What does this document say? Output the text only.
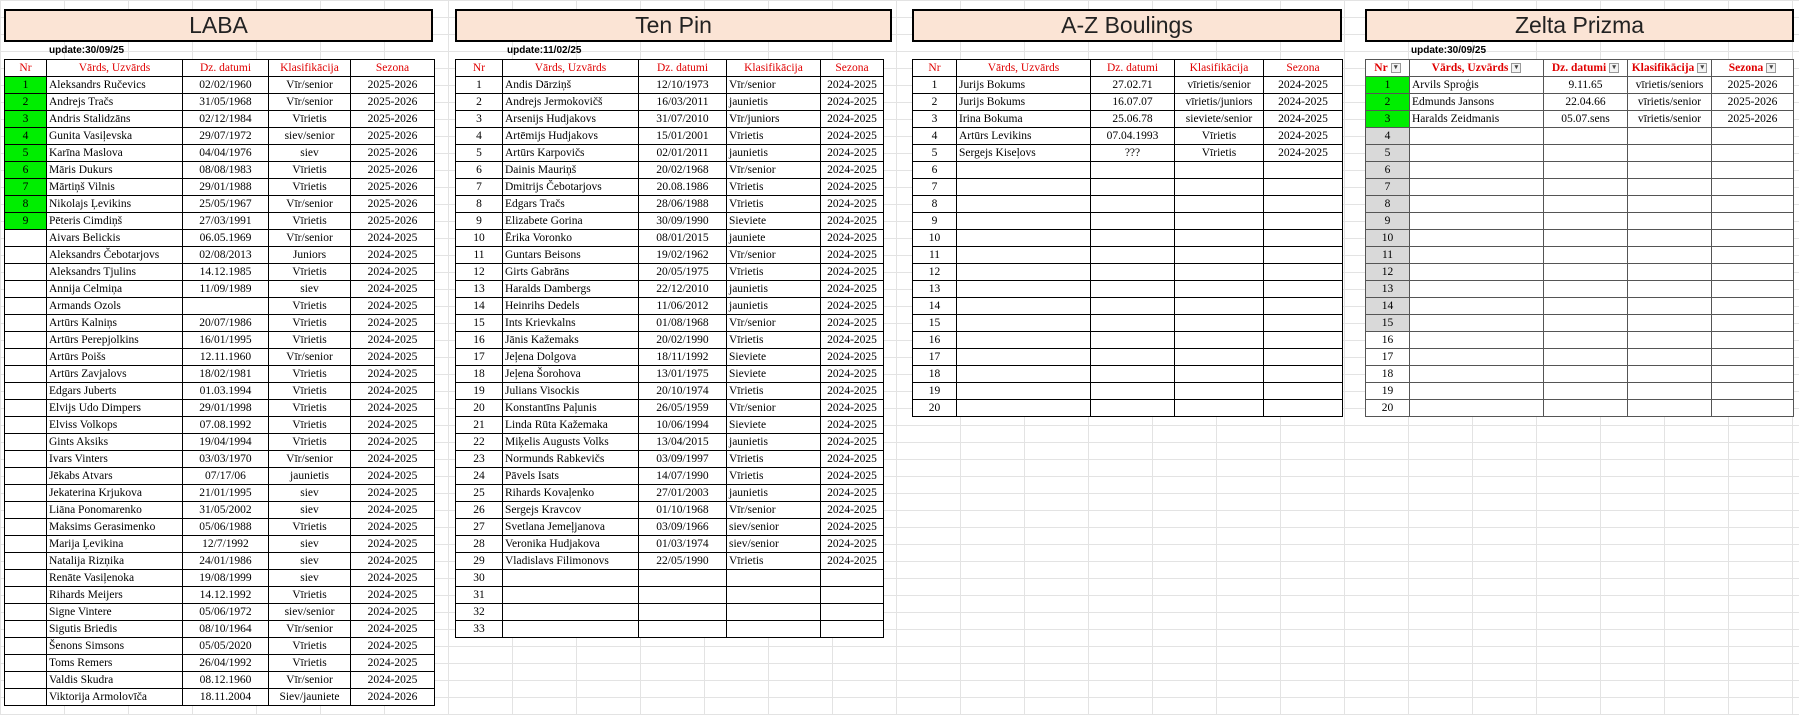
LABA
update:30/09/25
Nr	Vārds, Uzvārds	Dz. datumi	Klasifikācija	Sezona
1	Aleksandrs Ručevics	02/02/1960	Vīr/senior	2025-2026
2	Andrejs Tračs	31/05/1968	Vīr/senior	2025-2026
3	Andris Stalidzāns	02/12/1984	Vīrietis	2025-2026
4	Gunita Vasiļevska	29/07/1972	siev/senior	2025-2026
5	Karīna Maslova	04/04/1976	siev	2025-2026
6	Māris Dukurs	08/08/1983	Vīrietis	2025-2026
7	Mārtiņš Vilnis	29/01/1988	Vīrietis	2025-2026
8	Nikolajs Ļevikins	25/05/1967	Vīr/senior	2025-2026
9	Pēteris Cimdiņš	27/03/1991	Vīrietis	2025-2026
	Aivars Belickis	06.05.1969	Vīr/senior	2024-2025
	Aleksandrs Čebotarjovs	02/08/2013	Juniors	2024-2025
	Aleksandrs Tjulins	14.12.1985	Vīrietis	2024-2025
	Annija Celmiņa	11/09/1989	siev	2024-2025
	Armands Ozols		Vīrietis	2024-2025
	Artūrs Kalniņs	20/07/1986	Vīrietis	2024-2025
	Artūrs Perepjolkins	16/01/1995	Vīrietis	2024-2025
	Artūrs Poišs	12.11.1960	Vīr/senior	2024-2025
	Artūrs Zavjalovs	18/02/1981	Vīrietis	2024-2025
	Edgars Juberts	01.03.1994	Vīrietis	2024-2025
	Elvijs Udo Dimpers	29/01/1998	Vīrietis	2024-2025
	Elviss Volkops	07.08.1992	Vīrietis	2024-2025
	Gints Aksiks	19/04/1994	Vīrietis	2024-2025
	Ivars Vinters	03/03/1970	Vīr/senior	2024-2025
	Jēkabs Atvars	07/17/06	jaunietis	2024-2025
	Jekaterina Krjukova	21/01/1995	siev	2024-2025
	Liāna Ponomarenko	31/05/2002	siev	2024-2025
	Maksims Gerasimenko	05/06/1988	Vīrietis	2024-2025
	Marija Ļevikina	12/7/1992	siev	2024-2025
	Natalija Rizņika	24/01/1986	siev	2024-2025
	Renāte Vasiļenoka	19/08/1999	siev	2024-2025
	Rihards Meijers	14.12.1992	Vīrietis	2024-2025
	Signe Vintere	05/06/1972	siev/senior	2024-2025
	Sigutis Briedis	08/10/1964	Vīr/senior	2024-2025
	Šenons Simsons	05/05/2020	Vīrietis	2024-2025
	Toms Remers	26/04/1992	Vīrietis	2024-2025
	Valdis Skudra	08.12.1960	Vīr/senior	2024-2025
	Viktorija Armolovīča	18.11.2004	Siev/jauniete	2024-2026
Ten Pin
update:11/02/25
Nr	Vārds, Uzvārds	Dz. datumi	Klasifikācija	Sezona
1	Andis Dārziņš	12/10/1973	Vīr/senior	2024-2025
2	Andrejs Jermokovičš	16/03/2011	jaunietis	2024-2025
3	Arsenijs Hudjakovs	31/07/2010	Vīr/juniors	2024-2025
4	Artēmijs Hudjakovs	15/01/2001	Vīrietis	2024-2025
5	Artūrs Karpovičs	02/01/2011	jaunietis	2024-2025
6	Dainis Mauriņš	20/02/1968	Vīr/senior	2024-2025
7	Dmitrijs Čebotarjovs	20.08.1986	Vīrietis	2024-2025
8	Edgars Tračs	28/06/1988	Vīrietis	2024-2025
9	Elizabete Gorina	30/09/1990	Sieviete	2024-2025
10	Ērika Voronko	08/01/2015	jauniete	2024-2025
11	Guntars Beisons	19/02/1962	Vīr/senior	2024-2025
12	Girts Gabrāns	20/05/1975	Vīrietis	2024-2025
13	Haralds Dambergs	22/12/2010	jaunietis	2024-2025
14	Heinrihs Dedels	11/06/2012	jaunietis	2024-2025
15	Ints Krievkalns	01/08/1968	Vīr/senior	2024-2025
16	Jānis Kažemaks	20/02/1990	Vīrietis	2024-2025
17	Jeļena Dolgova	18/11/1992	Sieviete	2024-2025
18	Jeļena Šorohova	13/01/1975	Sieviete	2024-2025
19	Julians Visockis	20/10/1974	Vīrietis	2024-2025
20	Konstantīns Paļunis	26/05/1959	Vīr/senior	2024-2025
21	Linda Rūta Kažemaka	10/06/1994	Sieviete	2024-2025
22	Miķelis Augusts Volks	13/04/2015	jaunietis	2024-2025
23	Normunds Rabkevičs	03/09/1997	Vīrietis	2024-2025
24	Pāvels Isats	14/07/1990	Vīrietis	2024-2025
25	Rihards Kovaļenko	27/01/2003	jaunietis	2024-2025
26	Sergejs Kravcov	01/10/1968	Vīr/senior	2024-2025
27	Svetlana Jemeļjanova	03/09/1966	siev/senior	2024-2025
28	Veronika Hudjakova	01/03/1974	siev/senior	2024-2025
29	Vladislavs Filimonovs	22/05/1990	Vīrietis	2024-2025
30				
31				
32				
33				
A-Z Boulings
Nr	Vārds, Uzvārds	Dz. datumi	Klasifikācija	Sezona
1	Jurijs Bokums	27.02.71	vīrietis/senior	2024-2025
2	Jurijs Bokums	16.07.07	vīrietis/juniors	2024-2025
3	Irina Bokuma	25.06.78	sieviete/senior	2024-2025
4	Artūrs Levikins	07.04.1993	Vīrietis	2024-2025
5	Sergejs Kiseļovs	???	Vīrietis	2024-2025
6				
7				
8				
9				
10				
11				
12				
13				
14				
15				
16				
17				
18				
19				
20				
Zelta Prizma
update:30/09/25
Nr ▾	Vārds, Uzvārds ▾	Dz. datumi ▾	Klasifikācija ▾	Sezona ▾
1	Arvils Sproģis	9.11.65	vīrietis/seniors	2025-2026
2	Edmunds Jansons	22.04.66	vīrietis/senior	2025-2026
3	Haralds Zeidmanis	05.07.sens	vīrietis/senior	2025-2026
4				
5				
6				
7				
8				
9				
10				
11				
12				
13				
14				
15				
16				
17				
18				
19				
20				
